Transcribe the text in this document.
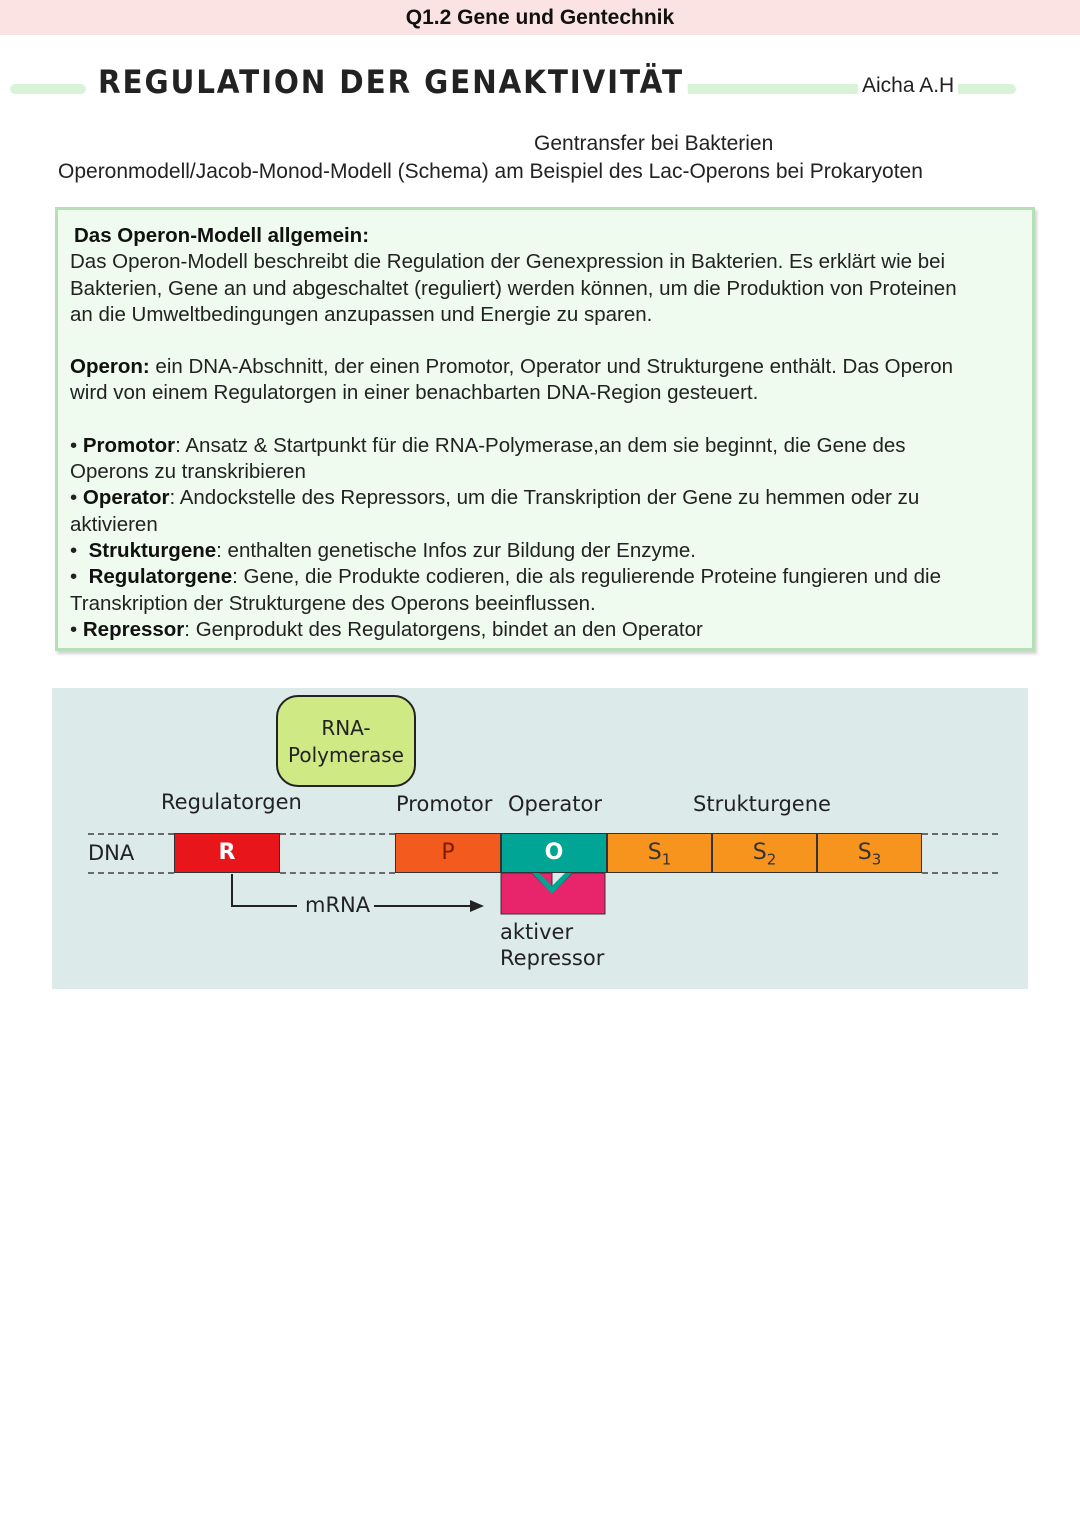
Q1.2 Gene und Gentechnik
REGULATION DER GENAKTIVITÄT	Aicha A.H
Gentransfer bei Bakterien
Operonmodell/Jacob-Monod-Modell (Schema) am Beispiel des Lac-Operons bei Prokaryoten

Das Operon-Modell allgemein:

Das Operon-Modell beschreibt die Regulation der Genexpression in Bakterien. Es erklärt wie bei

Bakterien, Gene an und abgeschaltet (reguliert) werden können, um die Produktion von Proteinen

an die Umweltbedingungen anzupassen und Energie zu sparen.

Operon: ein DNA-Abschnitt, der einen Promotor, Operator und Strukturgene enthält. Das Operon

wird von einem Regulatorgen in einer benachbarten DNA-Region gesteuert.

• Promotor: Ansatz & Startpunkt für die RNA-Polymerase,an dem sie beginnt, die Gene des

Operons zu transkribieren

• Operator: Andockstelle des Repressors, um die Transkription der Gene zu hemmen oder zu

aktivieren

•  Strukturgene: enthalten genetische Infos zur Bildung der Enzyme.

•  Regulatorgene: Gene, die Produkte codieren, die als regulierende Proteine fungieren und die

Transkription der Strukturgene des Operons beeinflussen.

• Repressor: Genprodukt des Regulatorgens, bindet an den Operator

RNA-
Polymerase
Regulatorgen	Promotor Operator	Strukturgene
DNA	R	P	O	$S_1$	$S_2$	$S_3$
mRNA
aktiver
Repressor
